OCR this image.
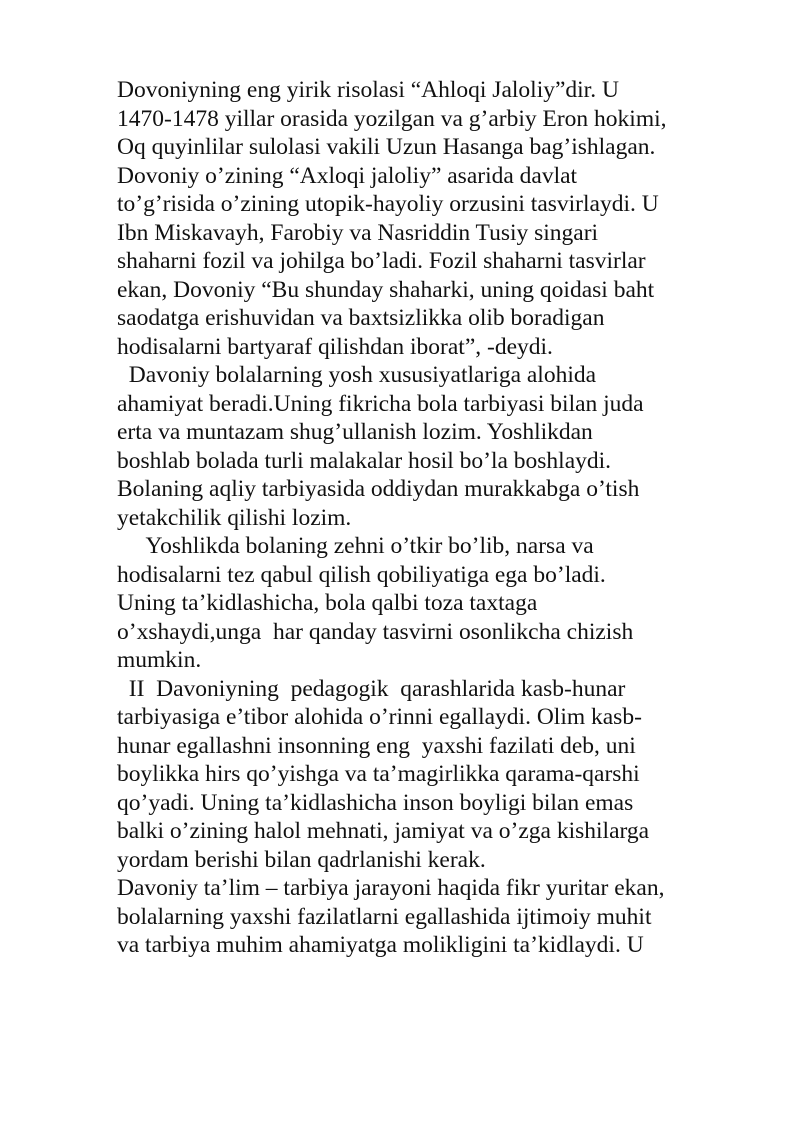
Dovoniyning eng yirik risolasi “Ahloqi Jaloliy”dir. U
1470-1478 yillar orasida yozilgan va g’arbiy Eron hokimi,
Oq quyinlilar sulolasi vakili Uzun Hasanga bag’ishlagan.
Dovoniy o’zining “Axloqi jaloliy” asarida davlat
to’g’risida o’zining utopik-hayoliy orzusini tasvirlaydi. U
Ibn Miskavayh, Farobiy va Nasriddin Tusiy singari
shaharni fozil va johilga bo’ladi. Fozil shaharni tasvirlar
ekan, Dovoniy “Bu shunday shaharki, uning qoidasi baht
saodatga erishuvidan va baxtsizlikka olib boradigan
hodisalarni bartyaraf qilishdan iborat”, -deydi.
Davoniy bolalarning yosh xususiyatlariga alohida
ahamiyat beradi.Uning fikricha bola tarbiyasi bilan juda
erta va muntazam shug’ullanish lozim. Yoshlikdan
boshlab bolada turli malakalar hosil bo’la boshlaydi.
Bolaning aqliy tarbiyasida oddiydan murakkabga o’tish
yetakchilik qilishi lozim.
Yoshlikda bolaning zehni o’tkir bo’lib, narsa va
hodisalarni tez qabul qilish qobiliyatiga ega bo’ladi.
Uning ta’kidlashicha, bola qalbi toza taxtaga
o’xshaydi,unga  har qanday tasvirni osonlikcha chizish
mumkin.
II  Davoniyning  pedagogik  qarashlarida kasb-hunar
tarbiyasiga e’tibor alohida o’rinni egallaydi. Olim kasb-
hunar egallashni insonning eng  yaxshi fazilati deb, uni
boylikka hirs qo’yishga va ta’magirlikka qarama-qarshi
qo’yadi. Uning ta’kidlashicha inson boyligi bilan emas
balki o’zining halol mehnati, jamiyat va o’zga kishilarga
yordam berishi bilan qadrlanishi kerak.
Davoniy ta’lim – tarbiya jarayoni haqida fikr yuritar ekan,
bolalarning yaxshi fazilatlarni egallashida ijtimoiy muhit
va tarbiya muhim ahamiyatga molikligini ta’kidlaydi. U
